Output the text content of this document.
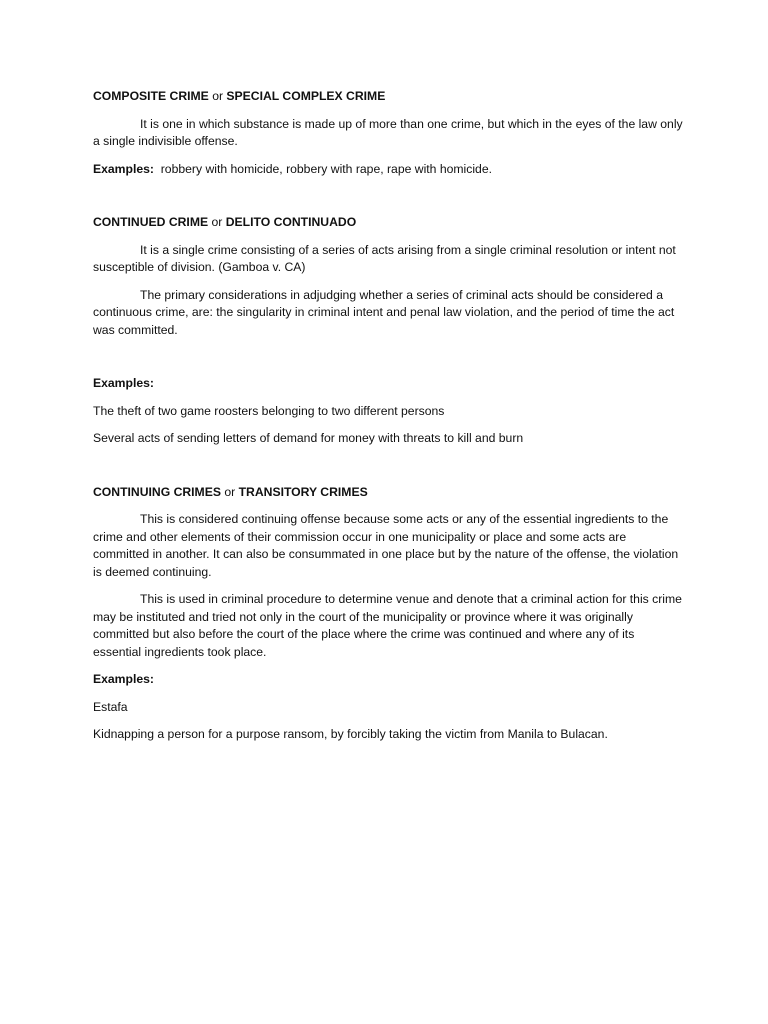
COMPOSITE CRIME or SPECIAL COMPLEX CRIME

It is one in which substance is made up of more than one crime, but which in the eyes of the law only a single indivisible offense.

Examples: robbery with homicide, robbery with rape, rape with homicide.

CONTINUED CRIME or DELITO CONTINUADO

It is a single crime consisting of a series of acts arising from a single criminal resolution or intent not susceptible of division. (Gamboa v. CA)

The primary considerations in adjudging whether a series of criminal acts should be considered a continuous crime, are: the singularity in criminal intent and penal law violation, and the period of time the act was committed.

Examples:

The theft of two game roosters belonging to two different persons

Several acts of sending letters of demand for money with threats to kill and burn

CONTINUING CRIMES or TRANSITORY CRIMES

This is considered continuing offense because some acts or any of the essential ingredients to the crime and other elements of their commission occur in one municipality or place and some acts are committed in another. It can also be consummated in one place but by the nature of the offense, the violation is deemed continuing.

This is used in criminal procedure to determine venue and denote that a criminal action for this crime may be instituted and tried not only in the court of the municipality or province where it was originally committed but also before the court of the place where the crime was continued and where any of its essential ingredients took place.

Examples:

Estafa

Kidnapping a person for a purpose ransom, by forcibly taking the victim from Manila to Bulacan.
